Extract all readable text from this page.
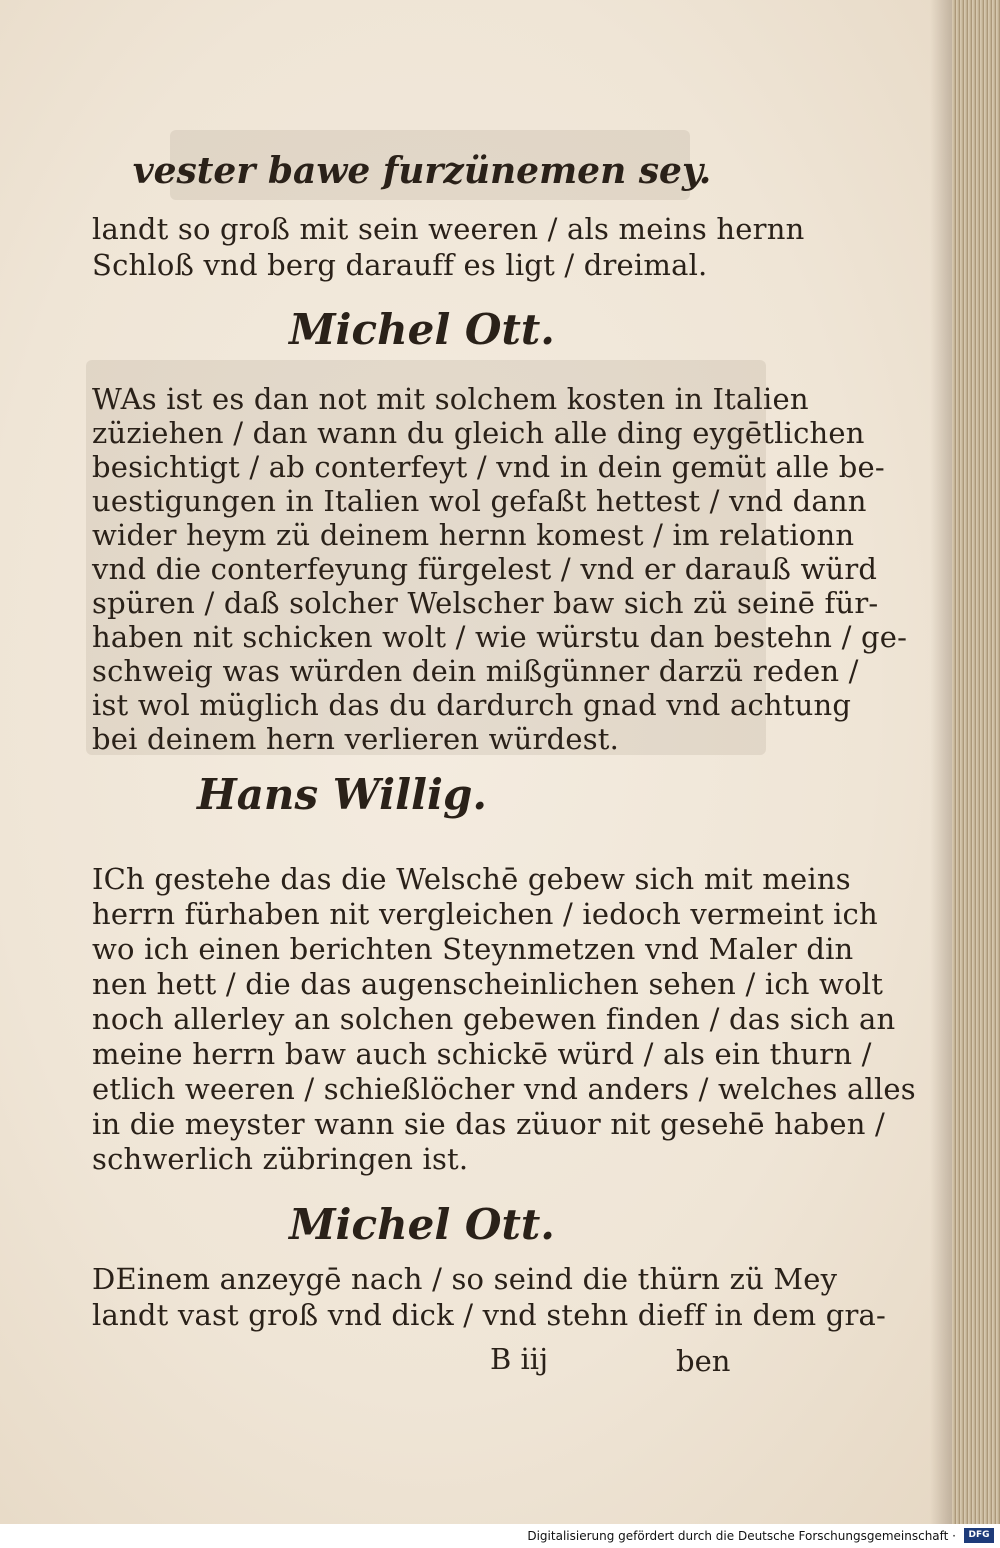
vester bawe furzünemen sey.
landt so groß mit sein weeren / als meins hernn
Schloß vnd berg darauff es ligt / dreimal.
Michel Ott.
WAs ist es dan not mit solchem kosten in Italien
züziehen / dan wann du gleich alle ding eygētlichen
besichtigt / ab conterfeyt / vnd in dein gemüt alle be-
uestigungen in Italien wol gefaßt hettest / vnd dann
wider heym zü deinem hernn komest / im relationn
vnd die conterfeyung fürgelest / vnd er darauß würd
spüren / daß solcher Welscher baw sich zü seinē für-
haben nit schicken wolt / wie würstu dan bestehn / ge-
schweig was würden dein mißgünner darzü reden /
ist wol müglich das du dardurch gnad vnd achtung
bei deinem hern verlieren würdest.
Hans Willig.
ICh gestehe das die Welschē gebew sich mit meins
herrn fürhaben nit vergleichen / iedoch vermeint ich
wo ich einen berichten Steynmetzen vnd Maler din
nen hett / die das augenscheinlichen sehen / ich wolt
noch allerley an solchen gebewen finden / das sich an
meine herrn baw auch schickē würd / als ein thurn /
etlich weeren / schießlöcher vnd anders / welches alles
in die meyster wann sie das züuor nit gesehē haben /
schwerlich zübringen ist.
Michel Ott.
DEinem anzeygē nach / so seind die thürn zü Mey
landt vast groß vnd dick / vnd stehn dieff in dem gra-
B iij	ben
Digitalisierung gefördert durch die Deutsche Forschungsgemeinschaft ·	DFG
